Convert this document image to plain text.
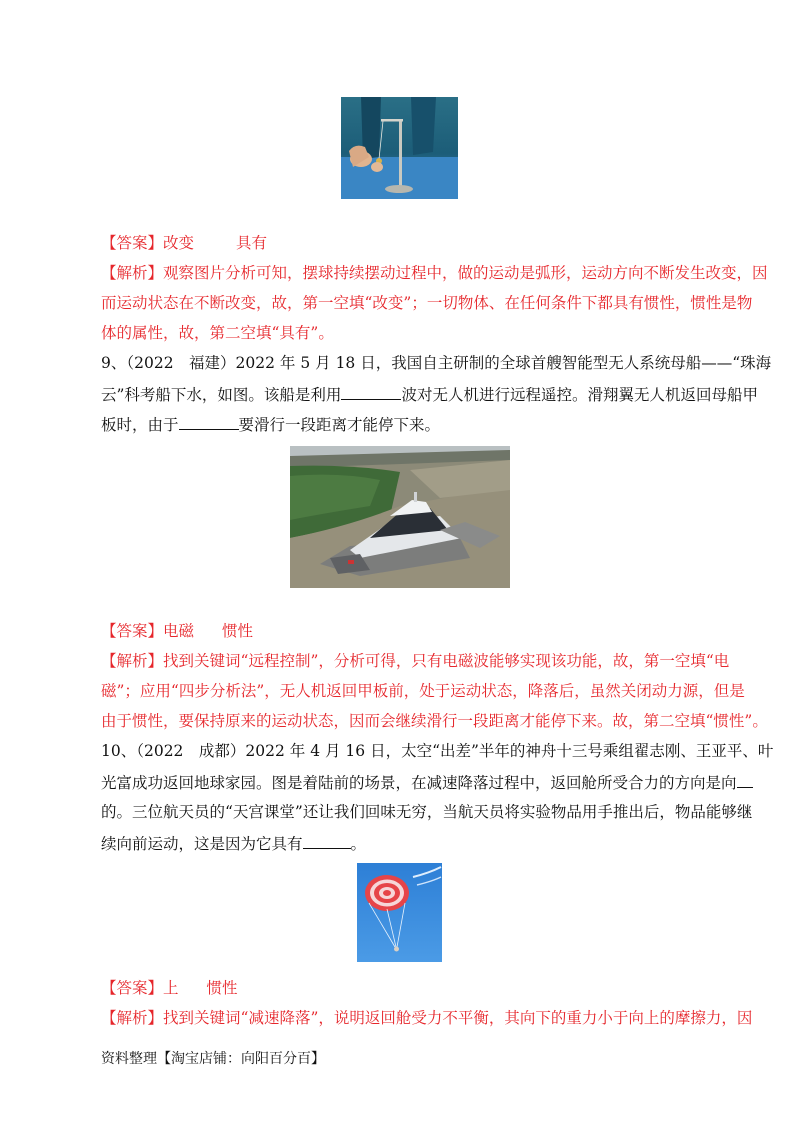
【答案】改变	具有
【解析】观察图片分析可知，摆球持续摆动过程中，做的运动是弧形，运动方向不断发生改变，因
而运动状态在不断改变，故，第一空填“改变”；一切物体、在任何条件下都具有惯性，惯性是物
体的属性，故，第二空填“具有”。
9、（2022　福建）2022 年 5 月 18 日，我国自主研制的全球首艘智能型无人系统母船——“珠海
云”科考船下水，如图。该船是利用	波对无人机进行远程遥控。滑翔翼无人机返回母船甲
板时，由于	要滑行一段距离才能停下来。
【答案】电磁 惯性
【解析】找到关键词“远程控制”，分析可得，只有电磁波能够实现该功能，故，第一空填“电
磁”；应用“四步分析法”，无人机返回甲板前，处于运动状态，降落后，虽然关闭动力源，但是
由于惯性，要保持原来的运动状态，因而会继续滑行一段距离才能停下来。故，第二空填“惯性”。
10、（2022　成都）2022 年 4 月 16 日，太空“出差”半年的神舟十三号乘组翟志刚、王亚平、叶
光富成功返回地球家园。图是着陆前的场景，在减速降落过程中，返回舱所受合力的方向是向
的。三位航天员的“天宫课堂”还让我们回味无穷，当航天员将实验物品用手推出后，物品能够继
续向前运动，这是因为它具有	。
【答案】上 惯性
【解析】找到关键词“减速降落”，说明返回舱受力不平衡，其向下的重力小于向上的摩擦力，因
资料整理【淘宝店铺：向阳百分百】
